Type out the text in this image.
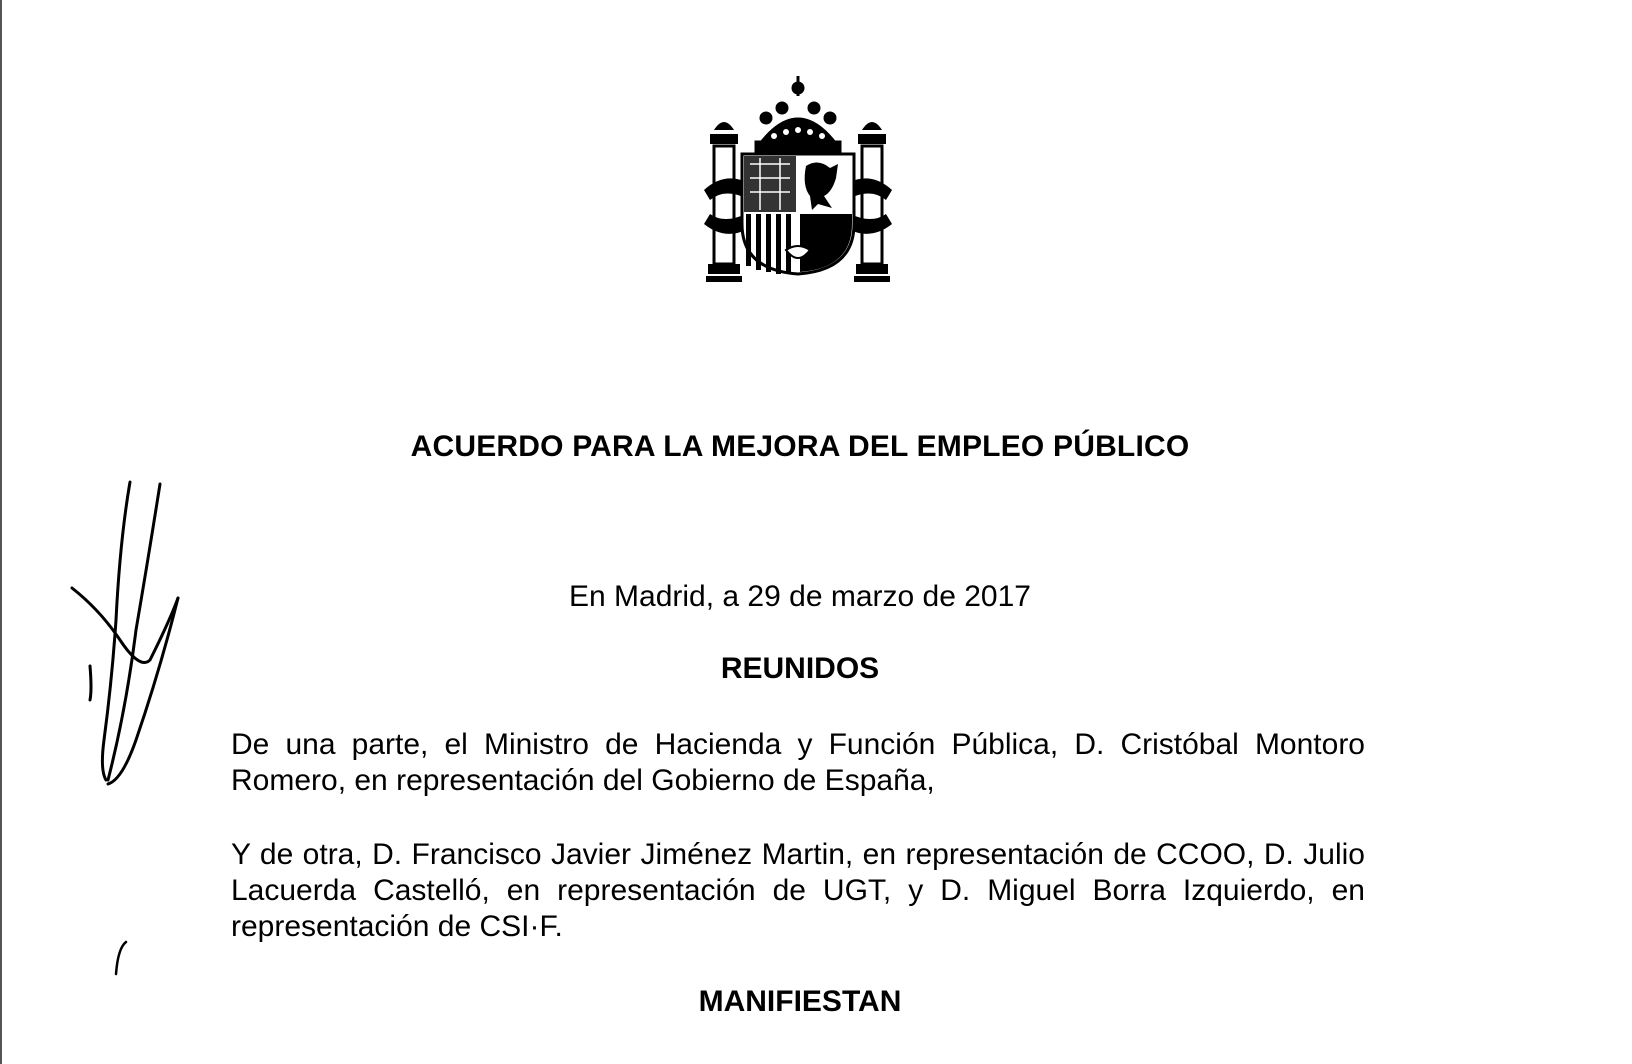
ACUERDO PARA LA MEJORA DEL EMPLEO PÚBLICO
En Madrid, a 29 de marzo de 2017
REUNIDOS
De una parte, el Ministro de Hacienda y Función Pública, D. Cristóbal Montoro Romero, en representación del Gobierno de España,
Y de otra, D. Francisco Javier Jiménez Martin, en representación de CCOO, D. Julio Lacuerda Castelló, en representación de UGT, y D. Miguel Borra Izquierdo, en representación de CSI·F.
MANIFIESTAN
